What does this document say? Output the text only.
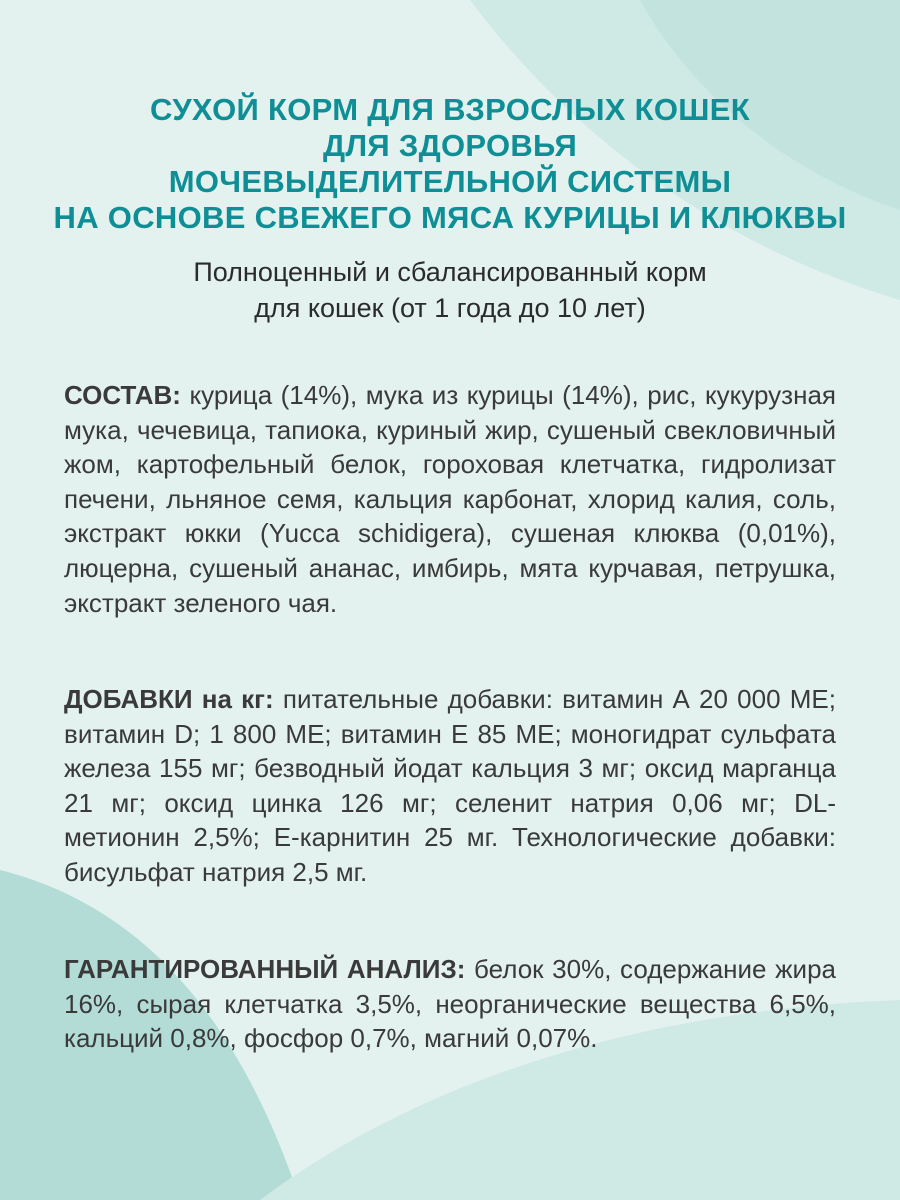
СУХОЙ КОРМ ДЛЯ ВЗРОСЛЫХ КОШЕК
ДЛЯ ЗДОРОВЬЯ
МОЧЕВЫДЕЛИТЕЛЬНОЙ СИСТЕМЫ
НА ОСНОВЕ СВЕЖЕГО МЯСА КУРИЦЫ И КЛЮКВЫ
Полноценный и сбалансированный корм
для кошек (от 1 года до 10 лет)
СОСТАВ: курица (14%), мука из курицы (14%), рис, кукурузная мука, чечевица, тапиока, куриный жир, сушеный свекловичный жом, картофельный белок, гороховая клетчатка, гидролизат печени, льняное семя, кальция карбонат, хлорид калия, соль, экстракт юкки (Yucca schidigera), сушеная клюква (0,01%), люцерна, сушеный ананас, имбирь, мята курчавая, петрушка, экстракт зеленого чая.
ДОБАВКИ на кг: питательные добавки: витамин А 20 000 МЕ; витамин D; 1 800 МЕ; витамин Е 85 МЕ; моногидрат сульфата железа 155 мг; безводный йодат кальция 3 мг; оксид марганца 21 мг; оксид цинка 126 мг; селенит натрия 0,06 мг; DL-метионин 2,5%; Е-карнитин 25 мг. Технологические добавки: бисульфат натрия 2,5 мг.
ГАРАНТИРОВАННЫЙ АНАЛИЗ: белок 30%, содержание жира 16%, сырая клетчатка 3,5%, неорганические вещества 6,5%, кальций 0,8%, фосфор 0,7%, магний 0,07%.
